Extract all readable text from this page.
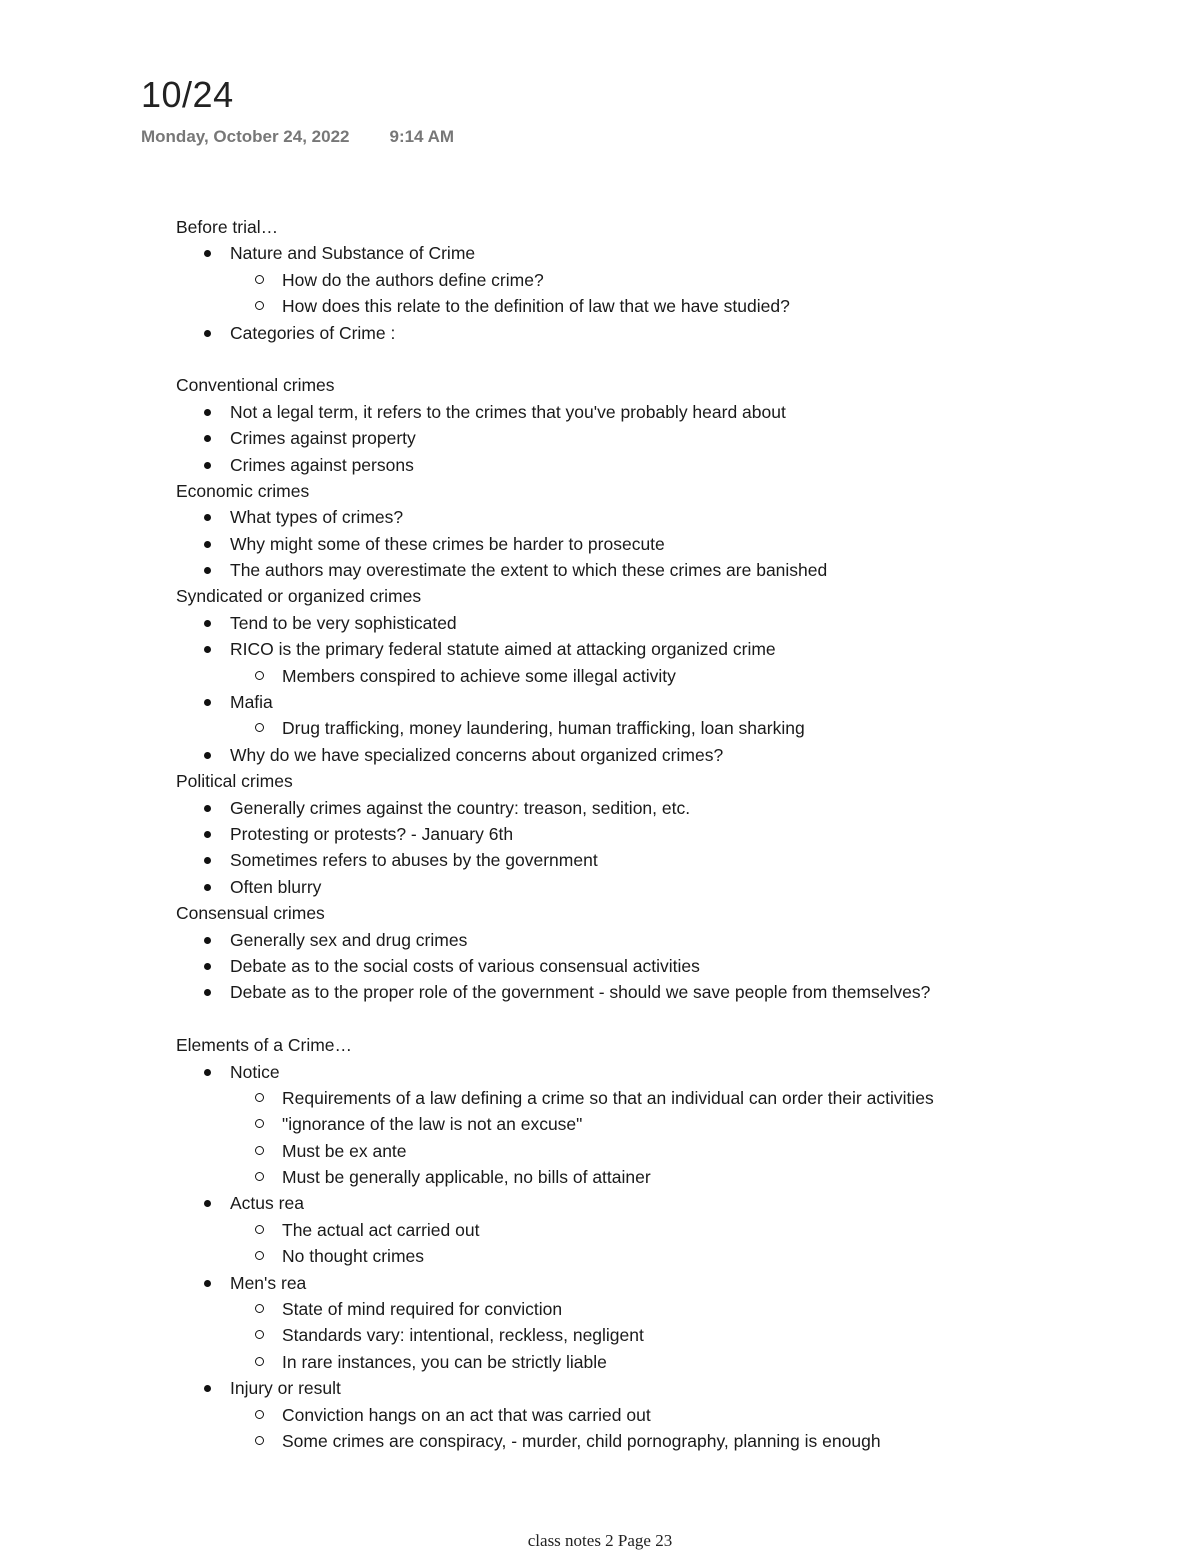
10/24
Monday, October 24, 2022 9:14 AM
Before trial…
Nature and Substance of Crime
How do the authors define crime?
How does this relate to the definition of law that we have studied?
Categories of Crime :
Conventional crimes
Not a legal term, it refers to the crimes that you've probably heard about
Crimes against property
Crimes against persons
Economic crimes
What types of crimes?
Why might some of these crimes be harder to prosecute
The authors may overestimate the extent to which these crimes are banished
Syndicated or organized crimes
Tend to be very sophisticated
RICO is the primary federal statute aimed at attacking organized crime
Members conspired to achieve some illegal activity
Mafia
Drug trafficking, money laundering, human trafficking, loan sharking
Why do we have specialized concerns about organized crimes?
Political crimes
Generally crimes against the country: treason, sedition, etc.
Protesting or protests? - January 6th
Sometimes refers to abuses by the government
Often blurry
Consensual crimes
Generally sex and drug crimes
Debate as to the social costs of various consensual activities
Debate as to the proper role of the government - should we save people from themselves?
Elements of a Crime…
Notice
Requirements of a law defining a crime so that an individual can order their activities
"ignorance of the law is not an excuse"
Must be ex ante
Must be generally applicable, no bills of attainer
Actus rea
The actual act carried out
No thought crimes
Men's rea
State of mind required for conviction
Standards vary: intentional, reckless, negligent
In rare instances, you can be strictly liable
Injury or result
Conviction hangs on an act that was carried out
Some crimes are conspiracy, - murder, child pornography, planning is enough
class notes 2 Page 23
